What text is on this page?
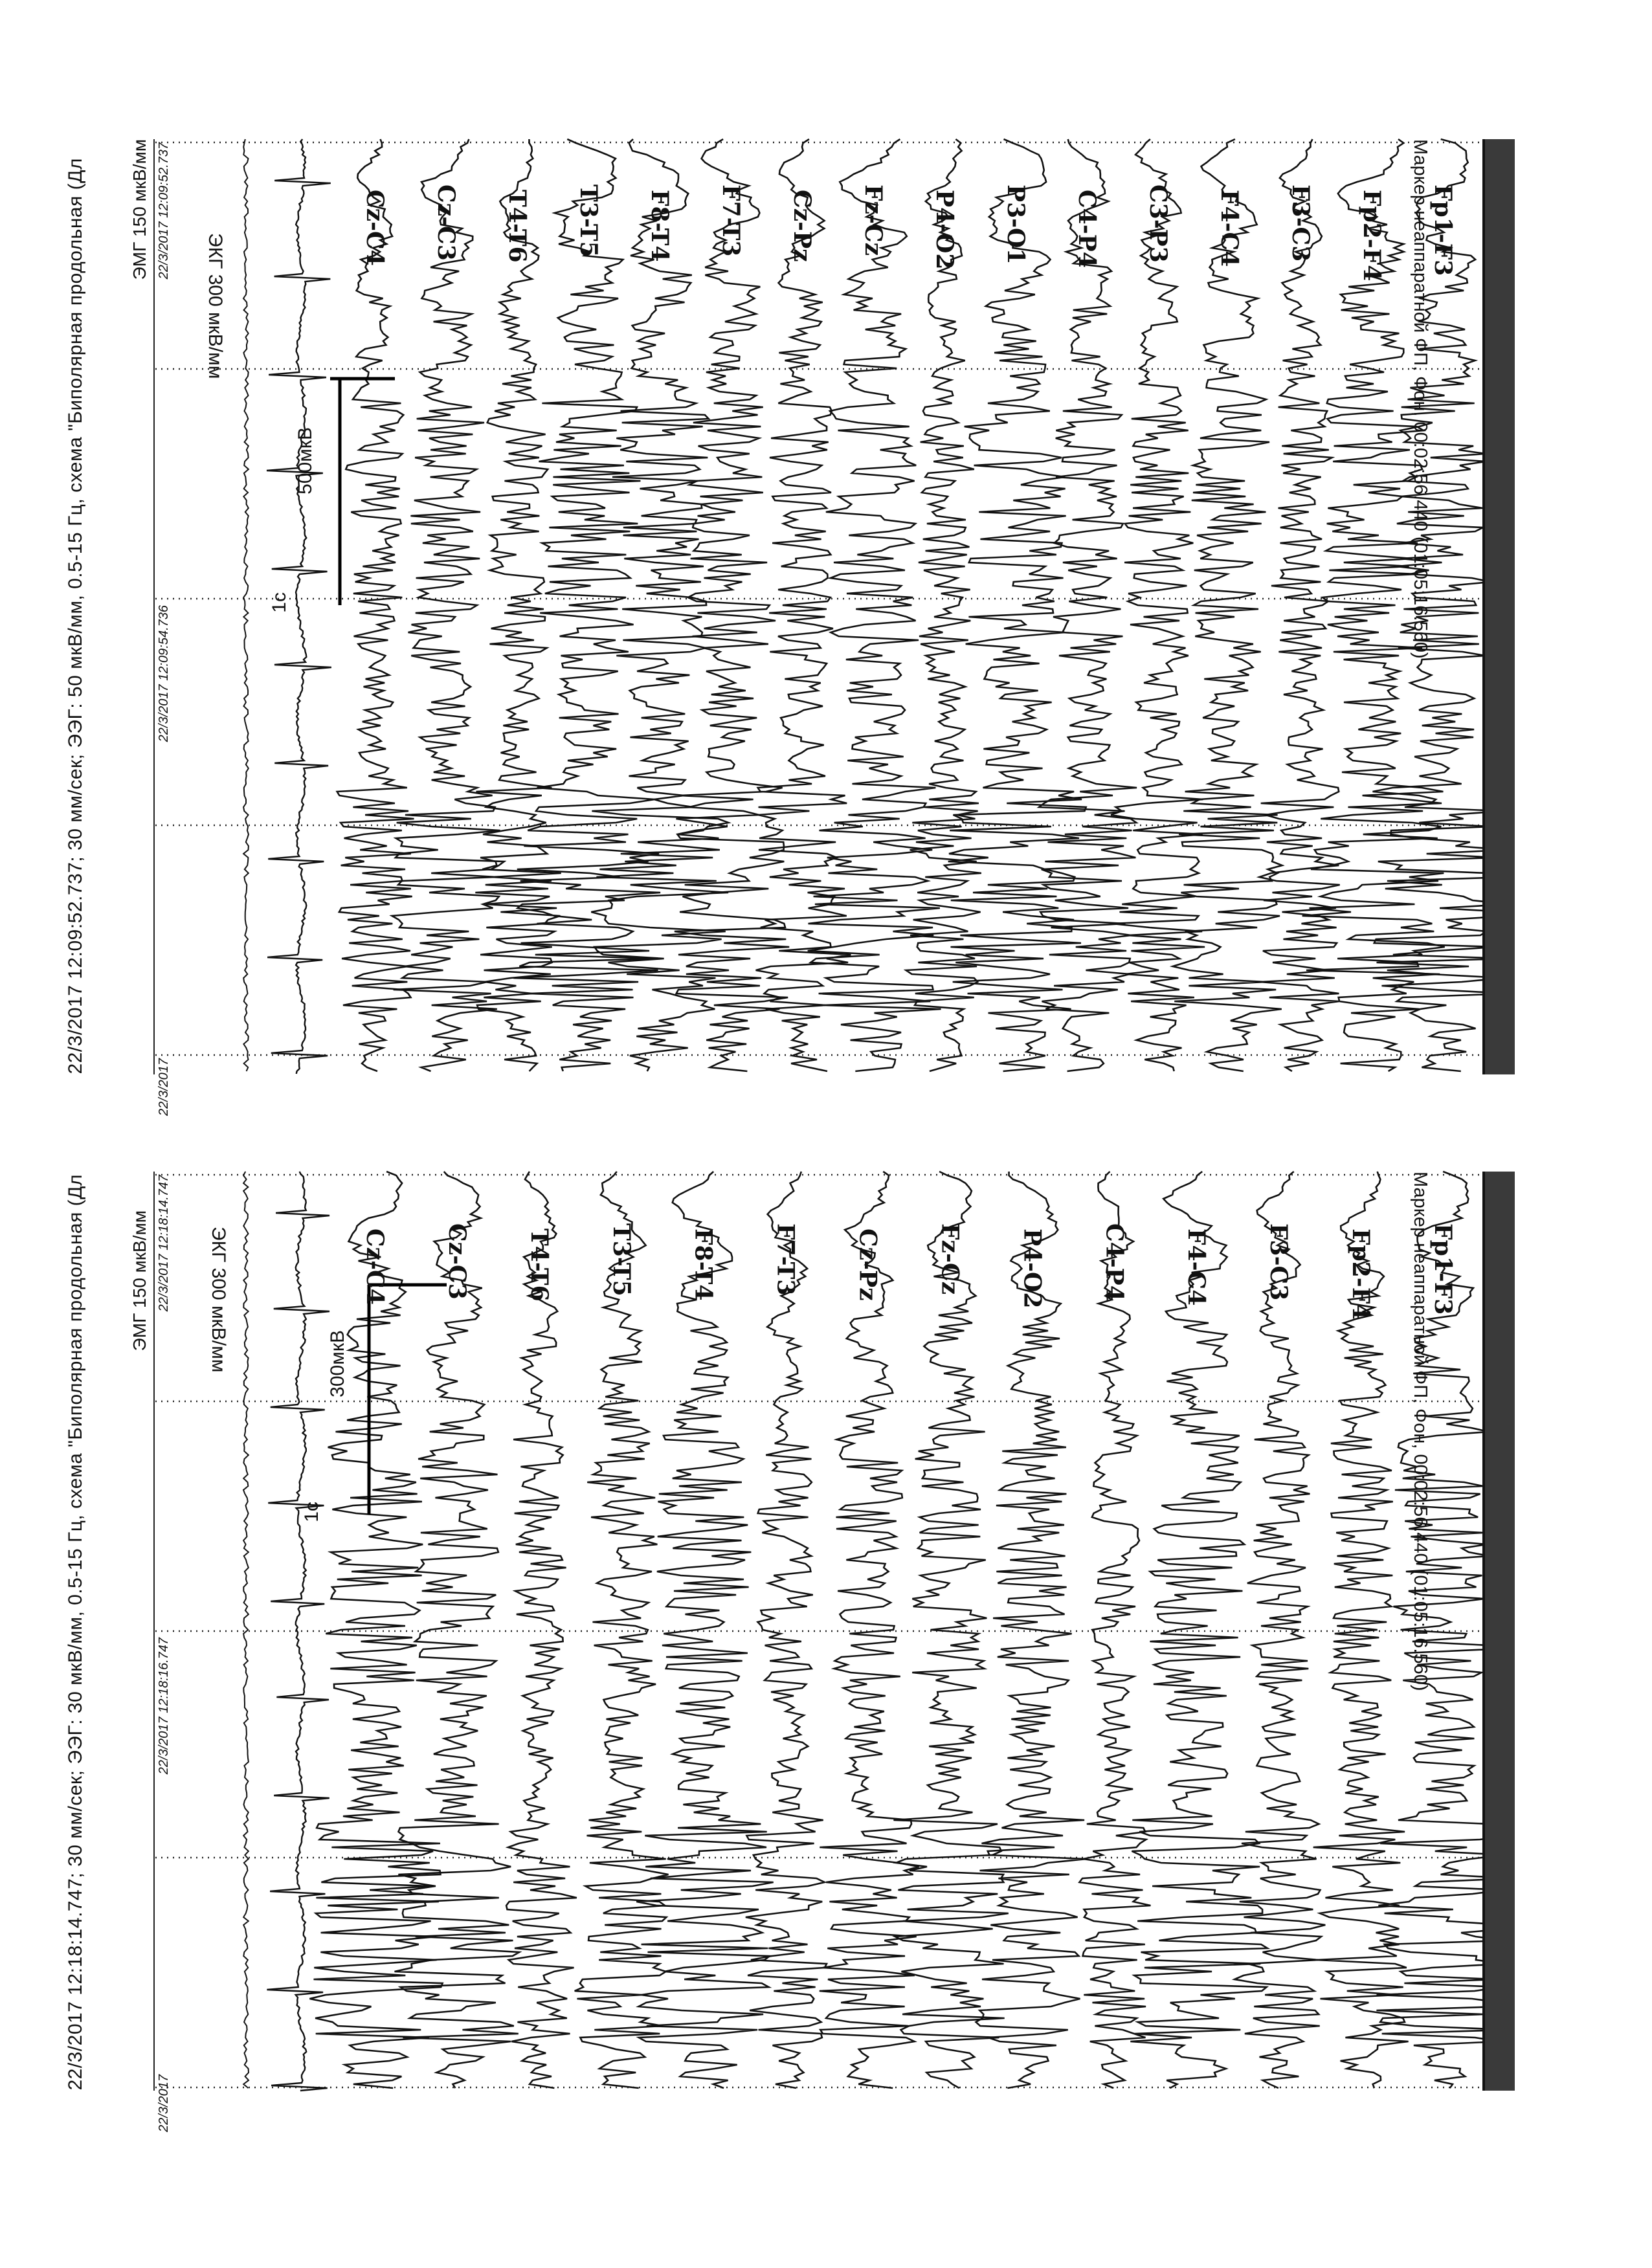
Маркер неаппаратной ФП, Фон, 00:02:56.440 (01:05:16.560)
22/3/2017 12:09:52.737; 30 мм/сек; ЭЭГ: 50 мкВ/мм, 0.5-15 Гц, схема "Биполярная продольная (Дл ЭМГ 150 мкВ/мм 22/3/2017 12:09:52.737
22/3/2017 12:09:54.736
22/3/2017
Fp1-F3
Fp2-F4
F3-C3
F4-C4
C3-P3
C4-P4
P3-O1
P4-O2
Fz-Cz
Cz-Pz
F7-T3
F8-T4
T3-T5
T4-T6
Cz-C3
Cz-C4
ЭКГ 300 мкВ/мм
500мкВ
1с
Маркер неаппаратной ФП, Фон, 00:02:56.440 (01:05:16.560)
22/3/2017 12:18:14.747; 30 мм/сек; ЭЭГ: 30 мкВ/мм, 0.5-15 Гц, схема "Биполярная продольная (Дл ЭМГ 150 мкВ/мм 22/3/2017 12:18:14.747
22/3/2017 12:18:16.747
22/3/2017
Fp1-F3
Fp2-F4
F3-C3
F4-C4
C4-P4
P4-O2
Fz-Cz
Cz-Pz
F7-T3
F8-T4
T3-T5
T4-T6
Cz-C3
Cz-C4
ЭКГ 300 мкВ/мм	300мкВ
1с
